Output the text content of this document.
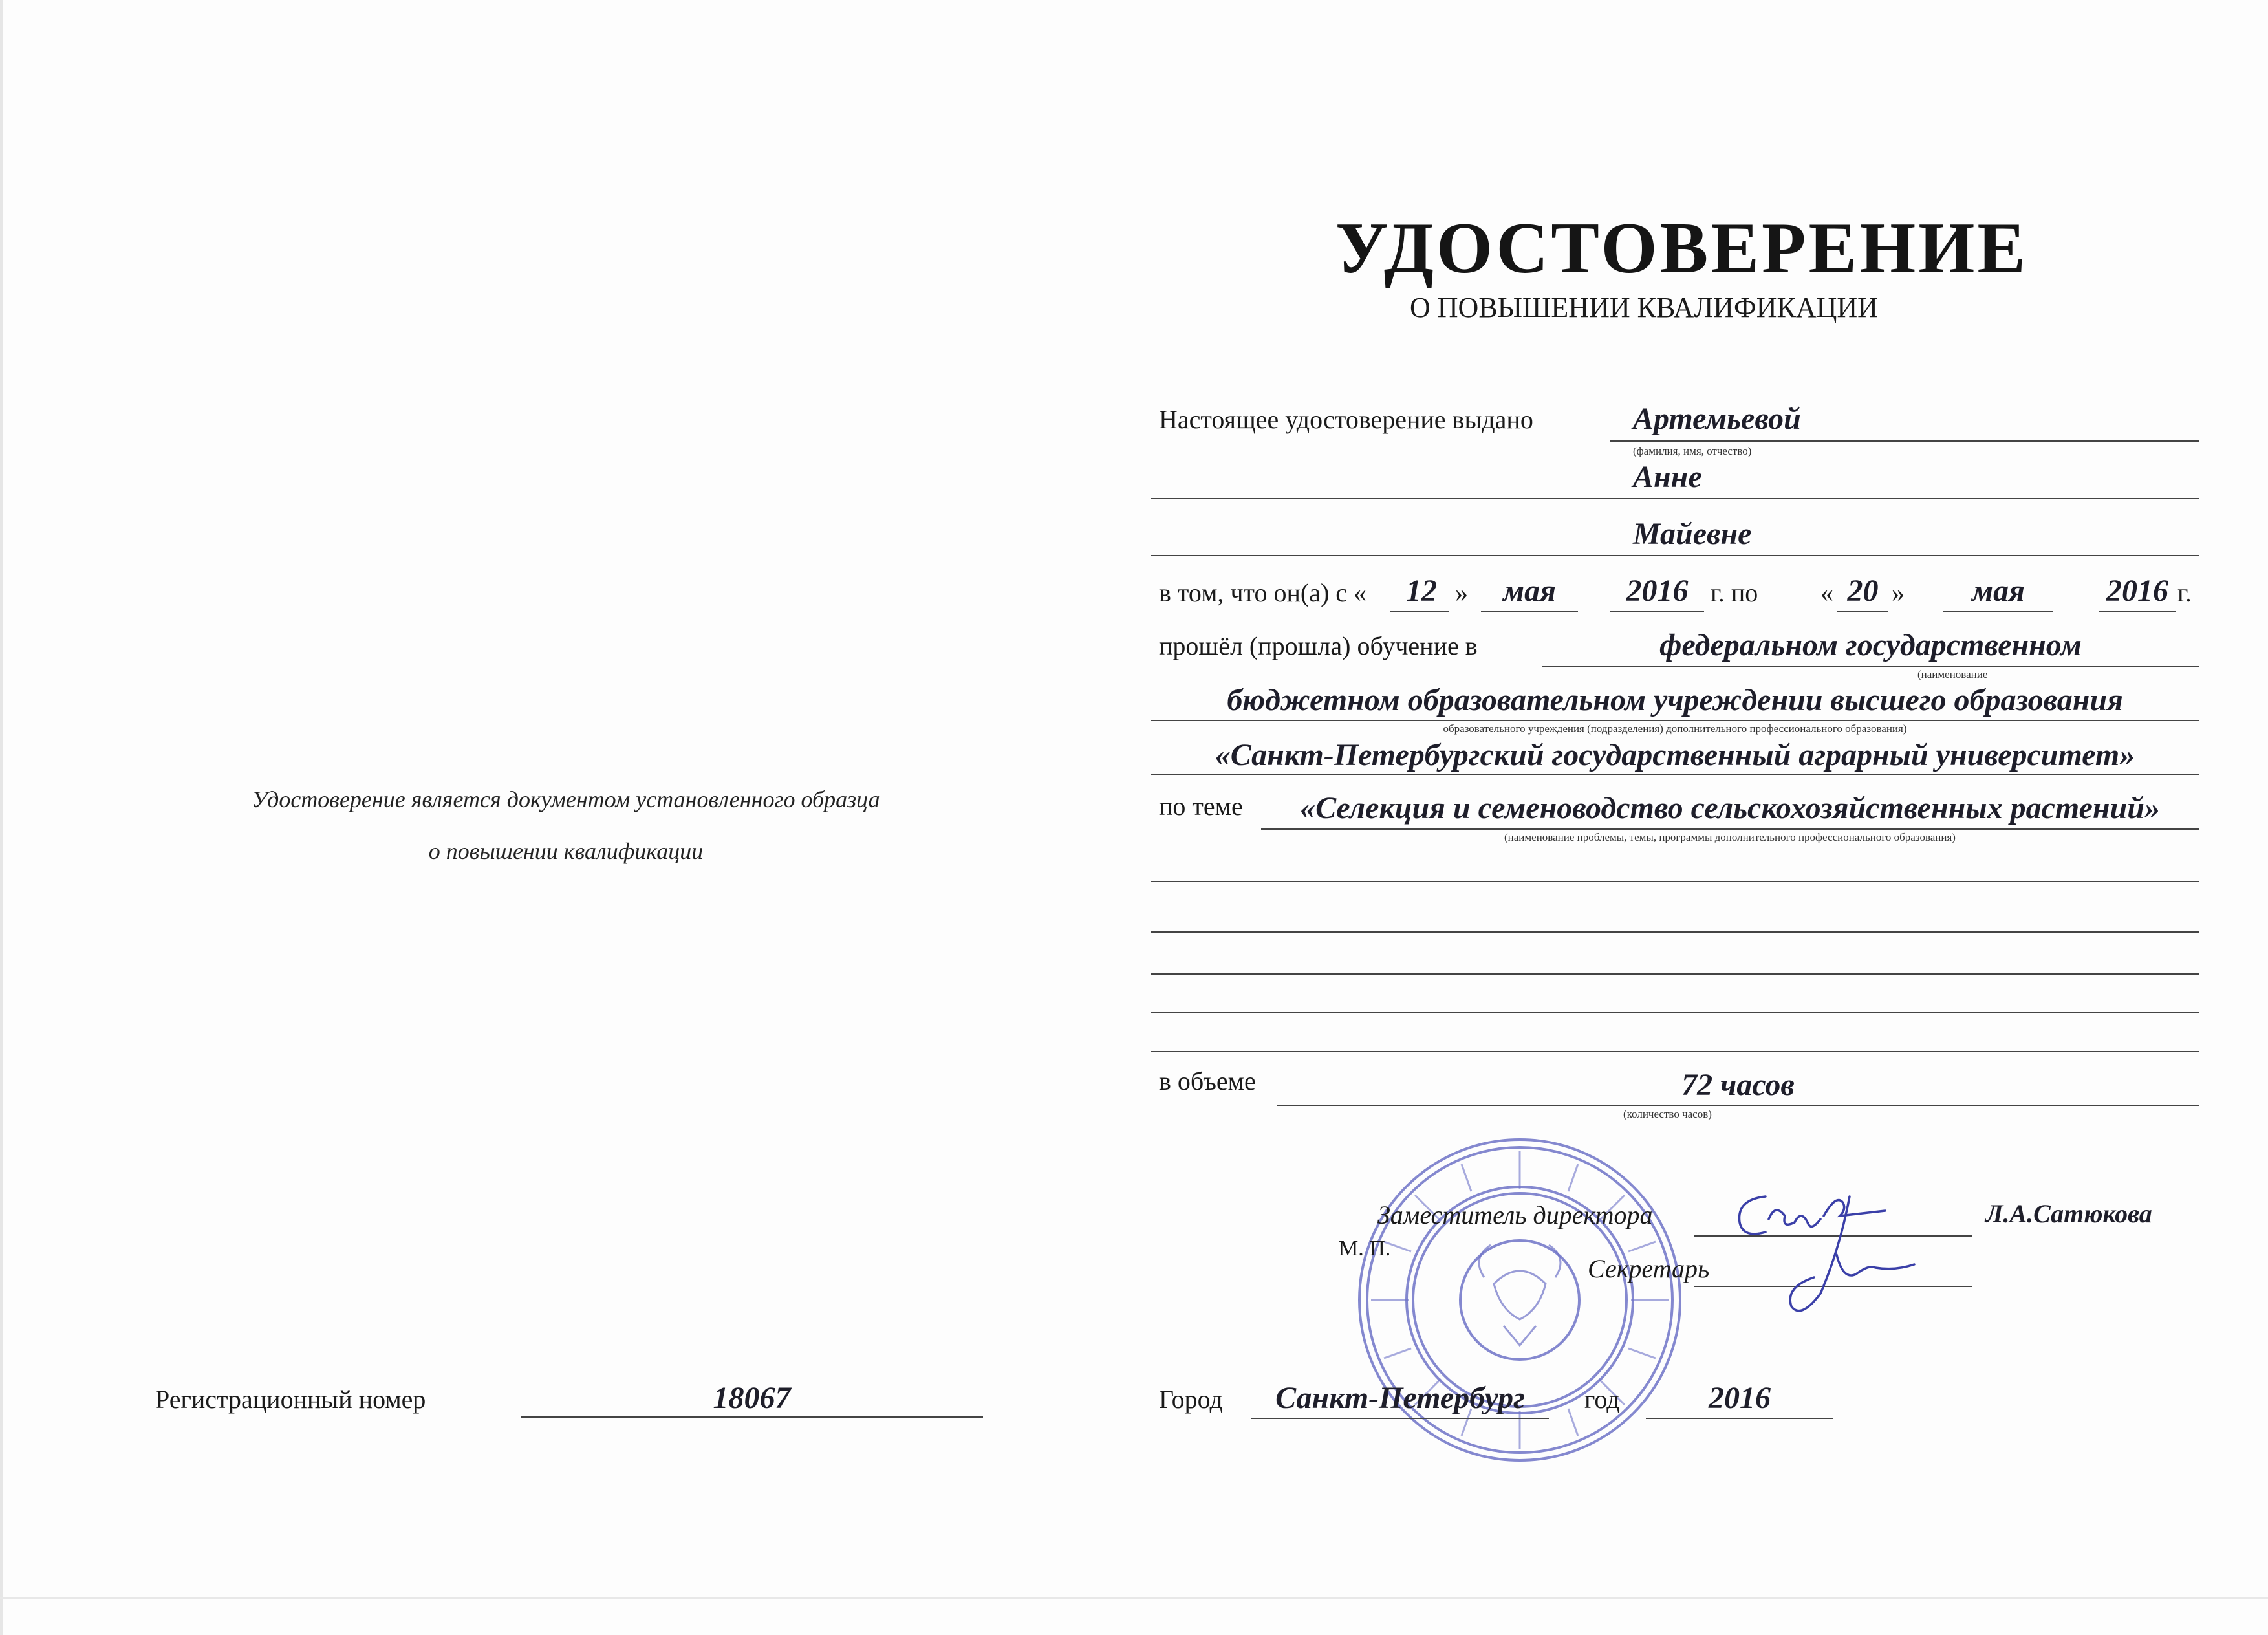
УДОСТОВЕРЕНИЕ
О ПОВЫШЕНИИ КВАЛИФИКАЦИИ
Удостоверение является документом установленного образца
о повышении квалификации
Регистрационный номер	18067
Настоящее удостоверение выдано	Артемьевой
(фамилия, имя, отчество)
Анне
Майевне
в том, что он(а) с «	12 »	мая	2016 г. по « 20 »	мая	2016 г.
прошёл (прошла) обучение в	федеральном государственном
(наименование
бюджетном образовательном учреждении высшего образования
образовательного учреждения (подразделения) дополнительного профессионального образования)
«Санкт-Петербургский государственный аграрный университет»
по теме	«Селекция и семеноводство сельскохозяйственных растений»
(наименование проблемы, темы, программы дополнительного профессионального образования)
в объеме	72 часов
(количество часов)
Заместитель директора	Л.А.Сатюкова
М. П.
Секретарь
Город	Санкт-Петербург	год	2016
